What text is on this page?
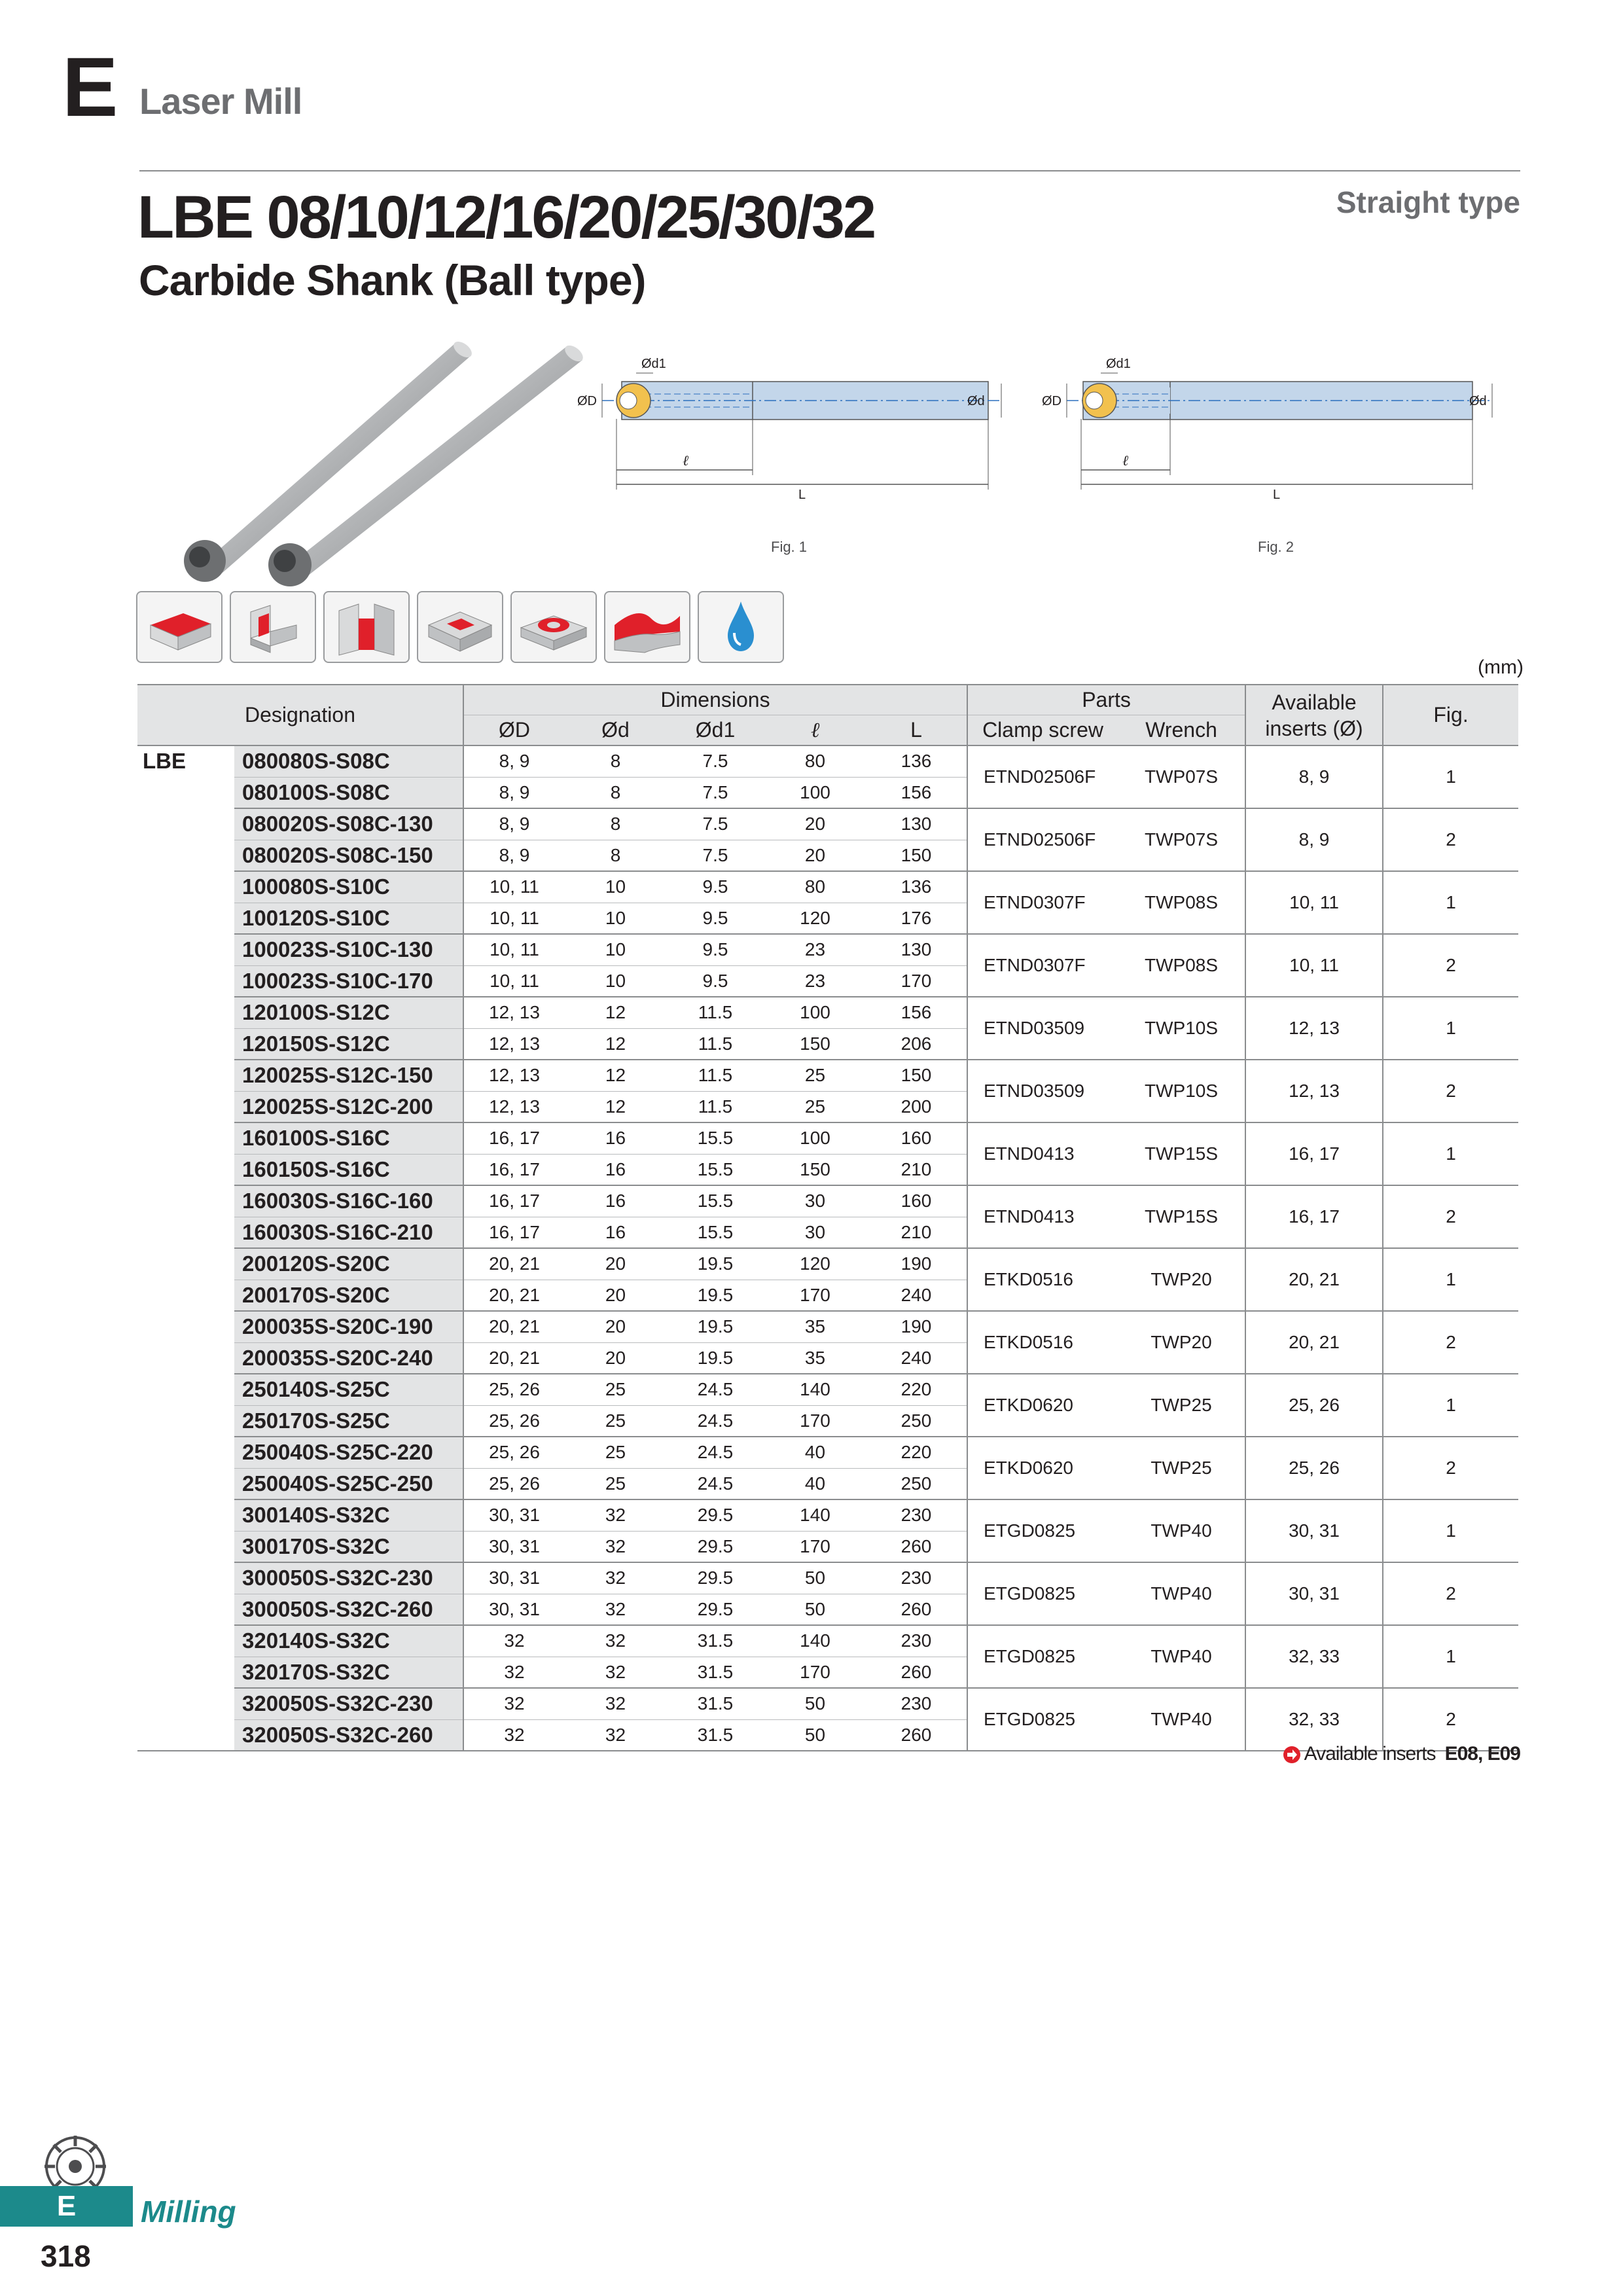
E Laser Mill
LBE 08/10/12/16/20/25/30/32
Carbide Shank (Ball type)
Straight type
Ød1
ØD	Ød
ℓ
L
Fig. 1
Ød1
ØD	Ød
ℓ
L
Fig. 2
(mm)
Designation		Dimensions					Parts		Available inserts (Ø)	Fig.
		ØD	Ød	Ød1	ℓ	L	Clamp screw	Wrench		
LBE	080080S-S08C	8, 9	8	7.5	80	136	ETND02506F	TWP07S	8, 9	1
	080100S-S08C	8, 9	8	7.5	100	156				
	080020S-S08C-130	8, 9	8	7.5	20	130	ETND02506F	TWP07S	8, 9	2
	080020S-S08C-150	8, 9	8	7.5	20	150				
	100080S-S10C	10, 11	10	9.5	80	136	ETND0307F	TWP08S	10, 11	1
	100120S-S10C	10, 11	10	9.5	120	176				
	100023S-S10C-130	10, 11	10	9.5	23	130	ETND0307F	TWP08S	10, 11	2
	100023S-S10C-170	10, 11	10	9.5	23	170				
	120100S-S12C	12, 13	12	11.5	100	156	ETND03509	TWP10S	12, 13	1
	120150S-S12C	12, 13	12	11.5	150	206				
	120025S-S12C-150	12, 13	12	11.5	25	150	ETND03509	TWP10S	12, 13	2
	120025S-S12C-200	12, 13	12	11.5	25	200				
	160100S-S16C	16, 17	16	15.5	100	160	ETND0413	TWP15S	16, 17	1
	160150S-S16C	16, 17	16	15.5	150	210				
	160030S-S16C-160	16, 17	16	15.5	30	160	ETND0413	TWP15S	16, 17	2
	160030S-S16C-210	16, 17	16	15.5	30	210				
	200120S-S20C	20, 21	20	19.5	120	190	ETKD0516	TWP20	20, 21	1
	200170S-S20C	20, 21	20	19.5	170	240				
	200035S-S20C-190	20, 21	20	19.5	35	190	ETKD0516	TWP20	20, 21	2
	200035S-S20C-240	20, 21	20	19.5	35	240				
	250140S-S25C	25, 26	25	24.5	140	220	ETKD0620	TWP25	25, 26	1
	250170S-S25C	25, 26	25	24.5	170	250				
	250040S-S25C-220	25, 26	25	24.5	40	220	ETKD0620	TWP25	25, 26	2
	250040S-S25C-250	25, 26	25	24.5	40	250				
	300140S-S32C	30, 31	32	29.5	140	230	ETGD0825	TWP40	30, 31	1
	300170S-S32C	30, 31	32	29.5	170	260				
	300050S-S32C-230	30, 31	32	29.5	50	230	ETGD0825	TWP40	30, 31	2
	300050S-S32C-260	30, 31	32	29.5	50	260				
	320140S-S32C	32	32	31.5	140	230	ETGD0825	TWP40	32, 33	1
	320170S-S32C	32	32	31.5	170	260				
	320050S-S32C-230	32	32	31.5	50	230	ETGD0825	TWP40	32, 33	2
	320050S-S32C-260	32	32	31.5	50	260				
Available inserts E08, E09
E	Milling
318
